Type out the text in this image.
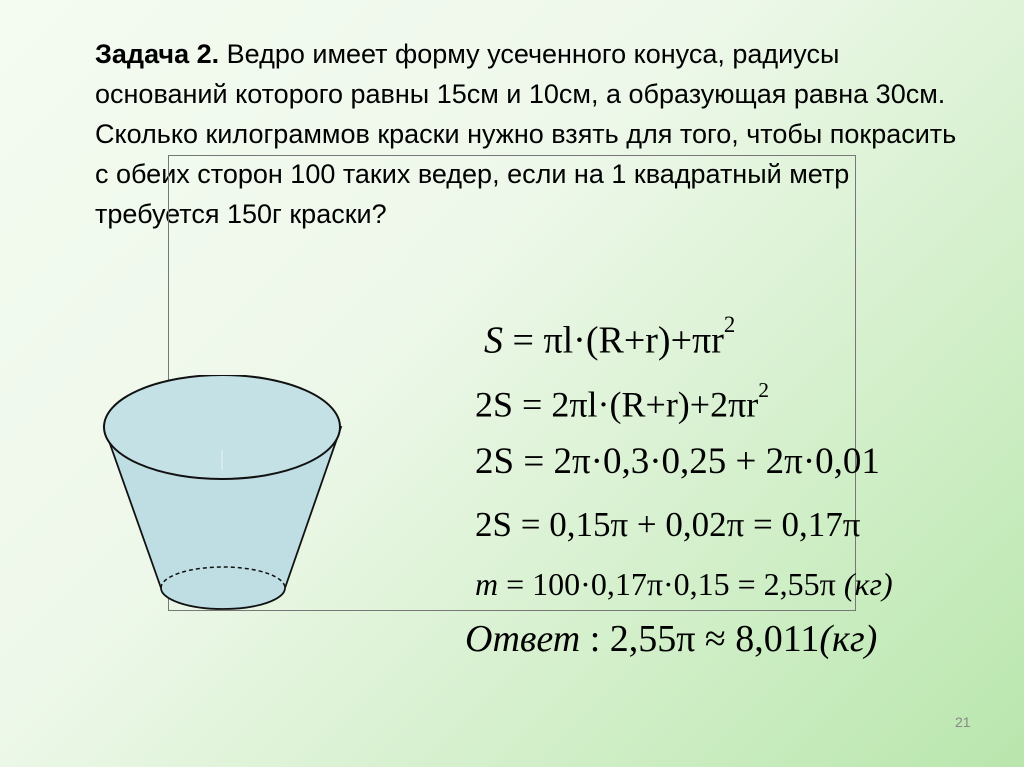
Задача 2. Ведро имеет форму усеченного конуса, радиусы оснований которого равны 15см и 10см, а образующая равна 30см. Сколько килограммов краски нужно взять для того, чтобы покрасить с обеих сторон 100 таких ведер, если на 1 квадратный метр требуется 150г краски?
$S = \pi l\cdot(R+r)+\pi r^2$
$2S = 2\pi l\cdot(R+r)+2\pi r^2$
2S = 2π·0,3·0,25 + 2π·0,01
2S = 0,15π + 0,02π = 0,17π
m = 100·0,17π·0,15 = 2,55π (кг)
Ответ : 2,55π ≈ 8,011(кг)
21
